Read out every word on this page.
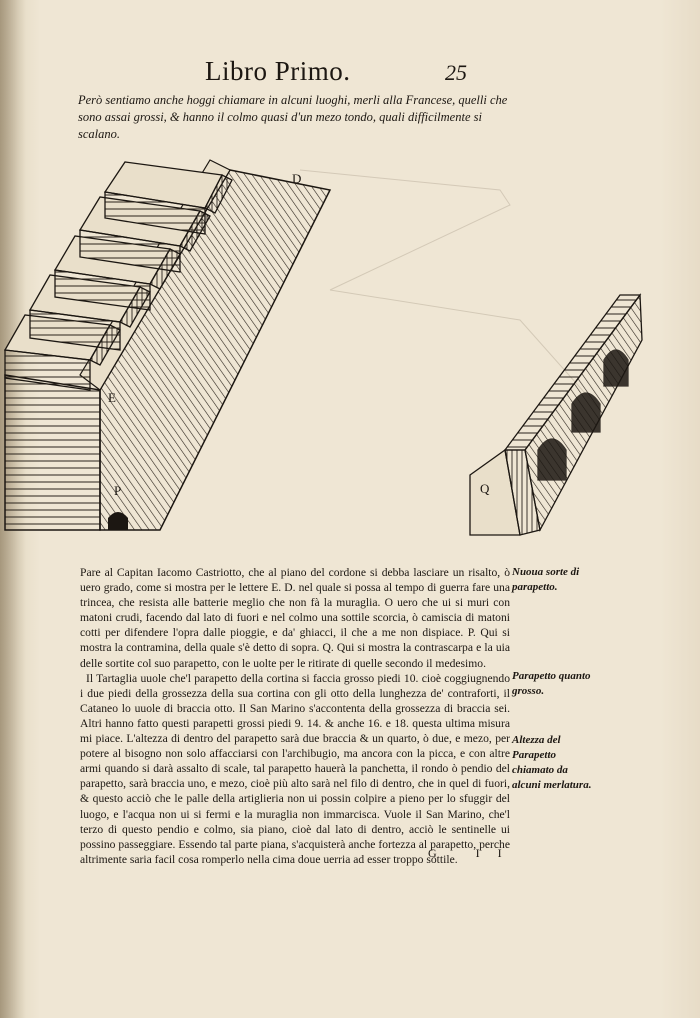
Libro Primo.	25
Però sentiamo anche hoggi chiamare in alcuni luoghi, merli alla Francese, quelli che sono assai grossi, & hanno il colmo quasi d'un mezo tondo, quali difficilmente si scalano.
D
E
P	Q

Pare al Capitan Iacomo Castriotto, che al piano del cordone si debba lasciare un risalto, ò uero grado, come si mostra per le lettere E. D. nel quale si possa al tempo di guerra fare una trincea, che resista alle batterie meglio che non fà la muraglia. O uero che ui si muri con matoni crudi, facendo dal lato di fuori e nel colmo una sottile scorcia, ò camiscia di matoni cotti per difendere l'opra dalle pioggie, e da' ghiacci, il che a me non dispiace. P. Qui si mostra la contramina, della quale s'è detto di sopra. Q. Qui si mostra la contrascarpa e la uia delle sortite col suo parapetto, con le uolte per le ritirate di quelle secondo il medesimo.

Il Tartaglia uuole che'l parapetto della cortina si faccia grosso piedi 10. cioè coggiugnendo i due piedi della grossezza della sua cortina con gli otto della lunghezza de' contraforti, il Cataneo lo uuole di braccia otto. Il San Marino s'accontenta della grossezza di braccia sei. Altri hanno fatto questi parapetti grossi piedi 9. 14. & anche 16. e 18. questa ultima misura mi piace. L'altezza di dentro del parapetto sarà due braccia & un quarto, ò due, e mezo, per potere al bisogno non solo affacciarsi con l'archibugio, ma ancora con la picca, e con altre armi quando si darà assalto di scale, tal parapetto hauerà la panchetta, il rondo ò pendio del parapetto, sarà braccia uno, e mezo, cioè più alto sarà nel filo di dentro, che in quel di fuori, & questo acciò che le palle della artiglieria non ui possin colpire a pieno per lo sfuggir del luogo, e l'acqua non ui si fermi e la muraglia non immarcisca. Vuole il San Marino, che'l terzo di questo pendio e colmo, sia piano, cioè dal lato di dentro, acciò le sentinelle ui possino passeggiare. Essendo tal parte piana, s'acquisterà anche fortezza al parapetto, perche altrimente saria facil cosa romperlo nella cima doue uerria ad esser troppo sottile.

Nuoua sorte di parapetto.
Parapetto quanto grosso.
Altezza del Parapetto chiamato da alcuni merlatura.
G II
